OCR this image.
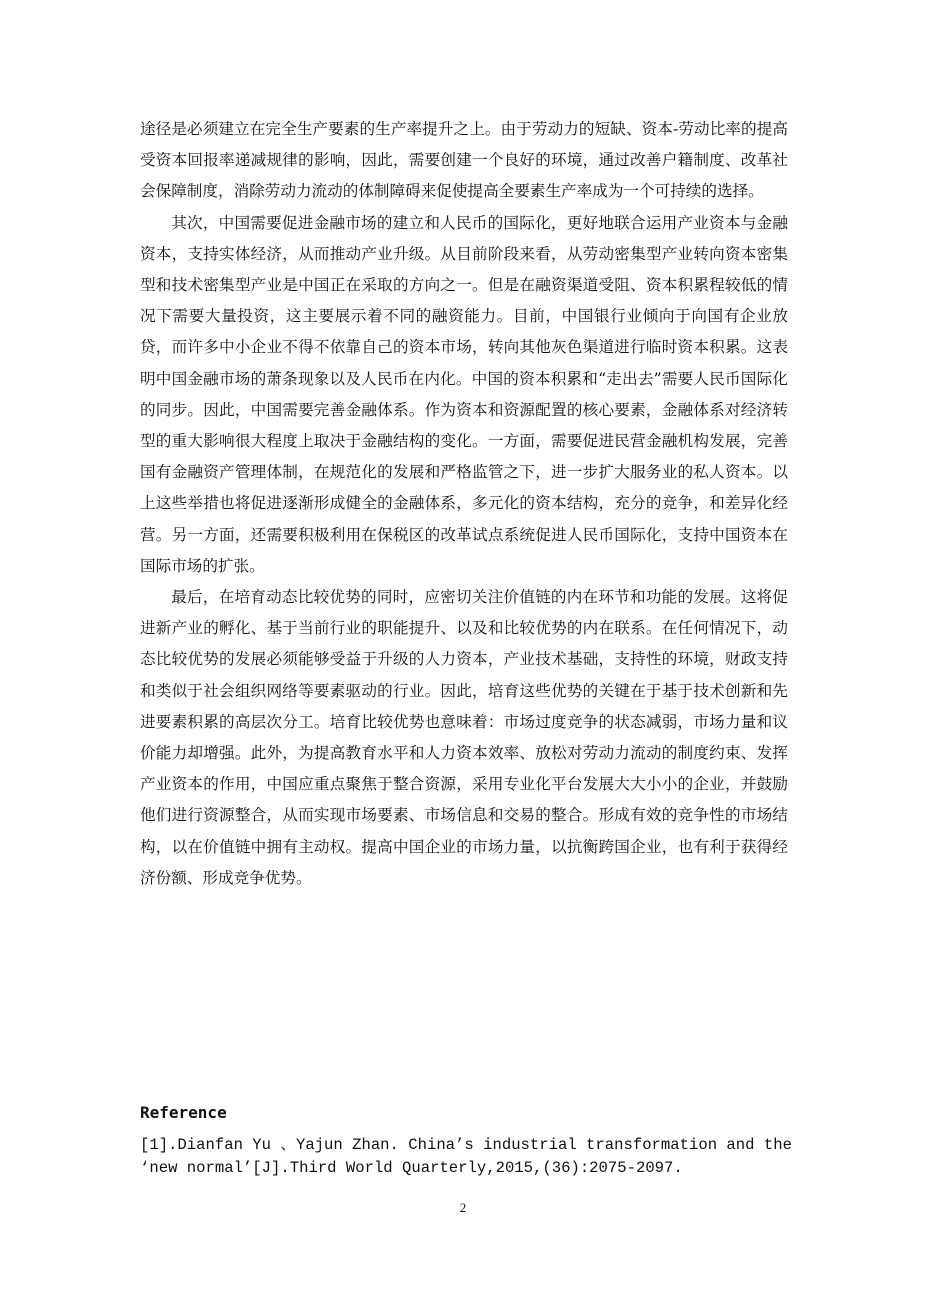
途径是必须建立在完全生产要素的生产率提升之上。由于劳动力的短缺、资本-劳动比率的提高受资本回报率递减规律的影响，因此，需要创建一个良好的环境，通过改善户籍制度、改革社会保障制度，消除劳动力流动的体制障碍来促使提高全要素生产率成为一个可持续的选择。

其次，中国需要促进金融市场的建立和人民币的国际化，更好地联合运用产业资本与金融资本，支持实体经济，从而推动产业升级。从目前阶段来看，从劳动密集型产业转向资本密集型和技术密集型产业是中国正在采取的方向之一。但是在融资渠道受阻、资本积累程较低的情况下需要大量投资，这主要展示着不同的融资能力。目前，中国银行业倾向于向国有企业放贷，而许多中小企业不得不依靠自己的资本市场，转向其他灰色渠道进行临时资本积累。这表明中国金融市场的萧条现象以及人民币在内化。中国的资本积累和“走出去”需要人民币国际化的同步。因此，中国需要完善金融体系。作为资本和资源配置的核心要素，金融体系对经济转型的重大影响很大程度上取决于金融结构的变化。一方面，需要促进民营金融机构发展，完善国有金融资产管理体制，在规范化的发展和严格监管之下，进一步扩大服务业的私人资本。以上这些举措也将促进逐渐形成健全的金融体系，多元化的资本结构，充分的竞争，和差异化经营。另一方面，还需要积极利用在保税区的改革试点系统促进人民币国际化，支持中国资本在国际市场的扩张。

最后，在培育动态比较优势的同时，应密切关注价值链的内在环节和功能的发展。这将促进新产业的孵化、基于当前行业的职能提升、以及和比较优势的内在联系。在任何情况下，动态比较优势的发展必须能够受益于升级的人力资本，产业技术基础，支持性的环境，财政支持和类似于社会组织网络等要素驱动的行业。因此，培育这些优势的关键在于基于技术创新和先进要素积累的高层次分工。培育比较优势也意味着：市场过度竞争的状态减弱，市场力量和议价能力却增强。此外，为提高教育水平和人力资本效率、放松对劳动力流动的制度约束、发挥产业资本的作用，中国应重点聚焦于整合资源，采用专业化平台发展大大小小的企业，并鼓励他们进行资源整合，从而实现市场要素、市场信息和交易的整合。形成有效的竞争性的市场结构，以在价值链中拥有主动权。提高中国企业的市场力量，以抗衡跨国企业，也有利于获得经济份额、形成竞争优势。

Reference

[1].Dianfan Yu 、Yajun Zhan. China’s industrial transformation and the ‘new normal’[J].Third World Quarterly,2015,(36):2075-2097.

2
